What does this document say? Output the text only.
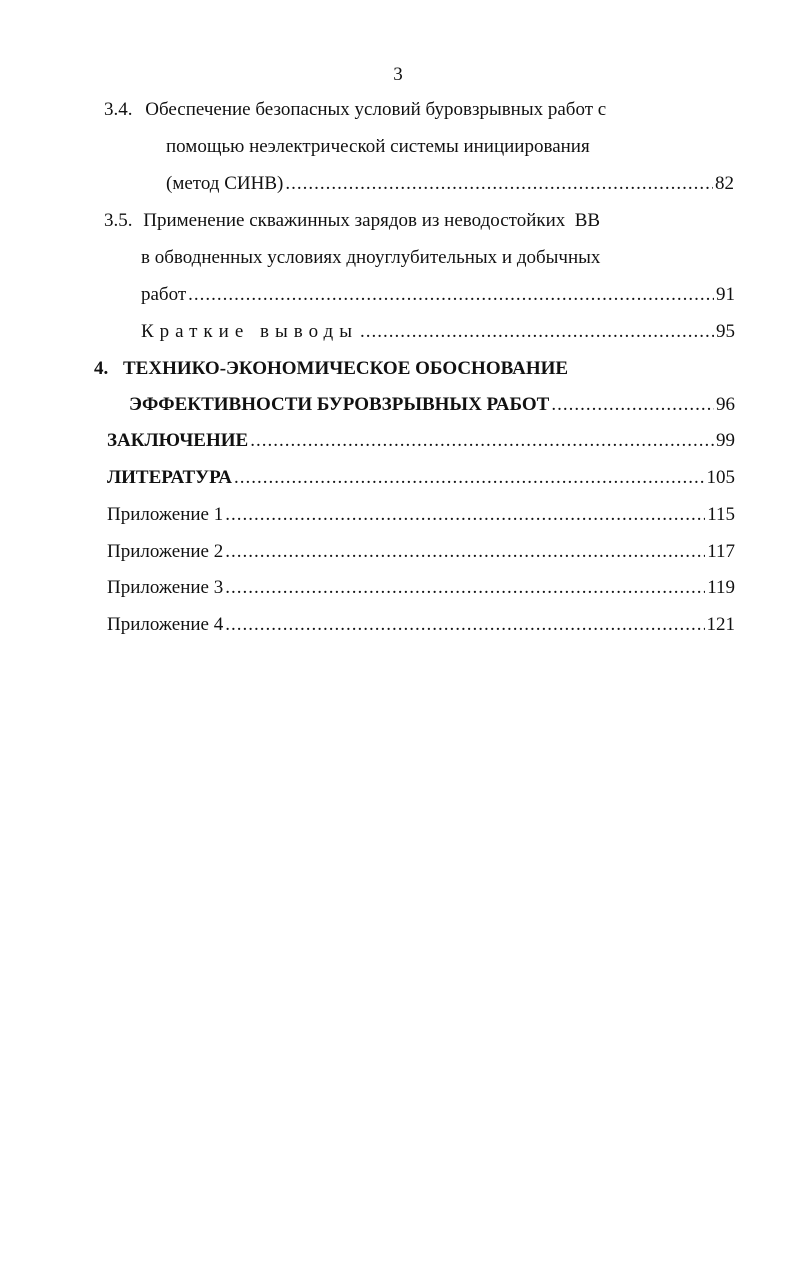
3
3.4. Обеспечение безопасных условий буровзрывных работ с
помощью неэлектрической системы инициирования
(метод СИНВ) .....	82
3.5. Применение скважинных зарядов из неводостойких  ВВ
в обводненных условиях дноуглубительных и добычных
работ .....	91
Краткие выводы .....	95
4. ТЕХНИКО-ЭКОНОМИЧЕСКОЕ ОБОСНОВАНИЕ
ЭФФЕКТИВНОСТИ БУРОВЗРЫВНЫХ РАБОТ .....	96
ЗАКЛЮЧЕНИЕ .....	99
ЛИТЕРАТУРА .....	105
Приложение 1 .....	115
Приложение 2 .....	117
Приложение 3 .....	119
Приложение 4 .....	121
